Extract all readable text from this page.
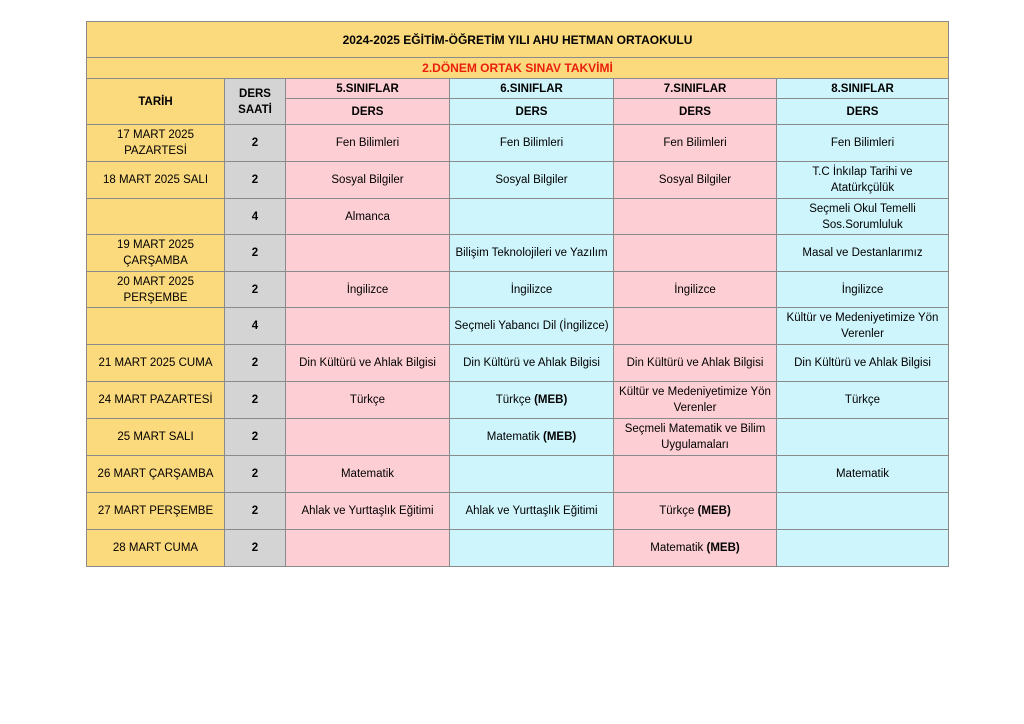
2024-2025 EĞİTİM-ÖĞRETİM YILI AHU HETMAN ORTAOKULU					
2.DÖNEM ORTAK SINAV TAKVİMİ					
TARİH	DERS SAATİ	5.SINIFLAR	6.SINIFLAR	7.SINIFLAR	8.SINIFLAR
		DERS	DERS	DERS	DERS
17 MART 2025 PAZARTESİ	2	Fen Bilimleri	Fen Bilimleri	Fen Bilimleri	Fen Bilimleri
18 MART 2025 SALI	2	Sosyal Bilgiler	Sosyal Bilgiler	Sosyal Bilgiler	T.C İnkılap Tarihi ve Atatürkçülük
	4	Almanca			Seçmeli Okul Temelli Sos.Sorumluluk
19 MART 2025 ÇARŞAMBA	2		Bilişim Teknolojileri ve Yazılım		Masal ve Destanlarımız
20 MART 2025 PERŞEMBE	2	İngilizce	İngilizce	İngilizce	İngilizce
	4		Seçmeli Yabancı Dil (İngilizce)		Kültür ve Medeniyetimize Yön Verenler
21 MART 2025 CUMA	2	Din Kültürü ve Ahlak Bilgisi	Din Kültürü ve Ahlak Bilgisi	Din Kültürü ve Ahlak Bilgisi	Din Kültürü ve Ahlak Bilgisi
24 MART PAZARTESİ	2	Türkçe	Türkçe (MEB)	Kültür ve Medeniyetimize Yön Verenler	Türkçe
25 MART SALI	2		Matematik (MEB)	Seçmeli Matematik ve Bilim Uygulamaları	
26 MART ÇARŞAMBA	2	Matematik			Matematik
27 MART PERŞEMBE	2	Ahlak ve Yurttaşlık Eğitimi	Ahlak ve Yurttaşlık Eğitimi	Türkçe (MEB)	
28 MART CUMA	2			Matematik (MEB)	
